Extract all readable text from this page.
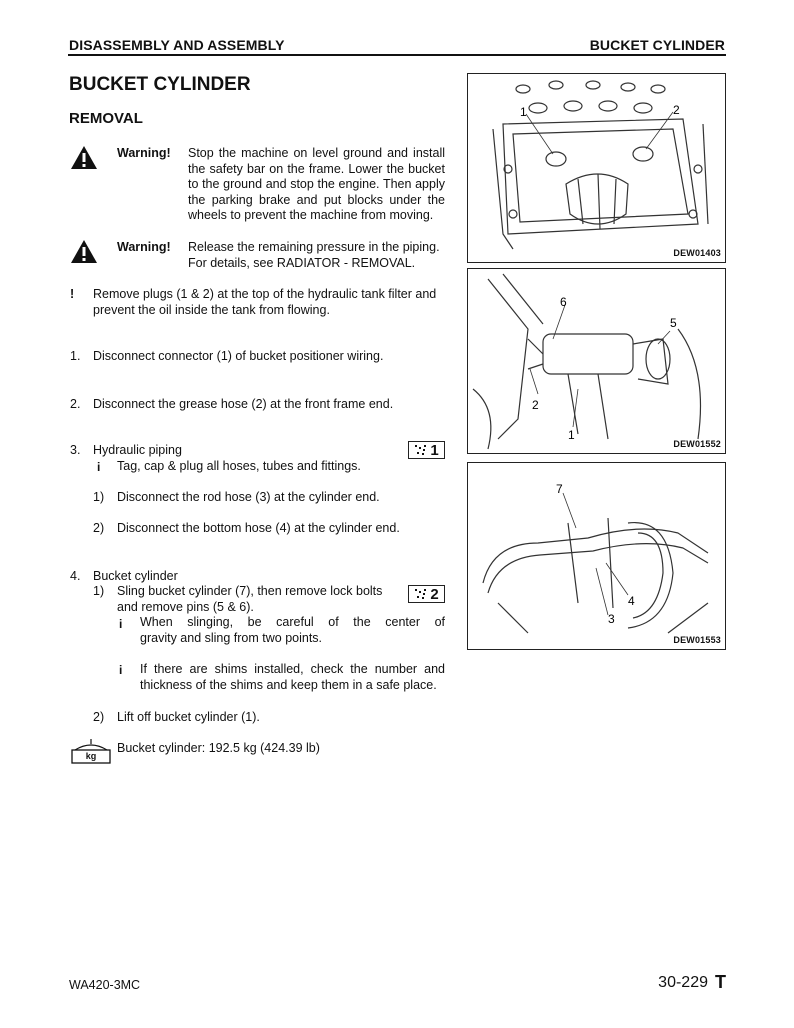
DISASSEMBLY AND ASSEMBLY	BUCKET CYLINDER
BUCKET CYLINDER
REMOVAL
Warning! Stop the machine on level ground and install
the safety bar on the frame. Lower the bucket
to the ground and stop the engine. Then apply
the parking brake and put blocks under the
wheels to prevent the machine from moving.
Warning! Release the remaining pressure in the piping.
For details, see RADIATOR - REMOVAL.
! Remove plugs (1 & 2) at the top of the hydraulic tank filter and
prevent the oil inside the tank from flowing.
1. Disconnect connector (1) of bucket positioner wiring.
2. Disconnect the grease hose (2) at the front frame end.
3. Hydraulic piping	1
i Tag, cap & plug all hoses, tubes and fittings.
1) Disconnect the rod hose (3) at the cylinder end.
2) Disconnect the bottom hose (4) at the cylinder end.
4. Bucket cylinder
1) Sling bucket cylinder (7), then remove lock bolts
and remove pins (5 & 6).
2
i When slinging, be careful of the center of
gravity and sling from two points.
i If there are shims installed, check the number and
thickness of the shims and keep them in a safe place.
2) Lift off bucket cylinder (1).
kg
Bucket cylinder: 192.5 kg (424.39 lb)
1	2
DEW01403
6
5
2
1
DEW01552
7
4
3
DEW01553
WA420-3MC	30-229 T
